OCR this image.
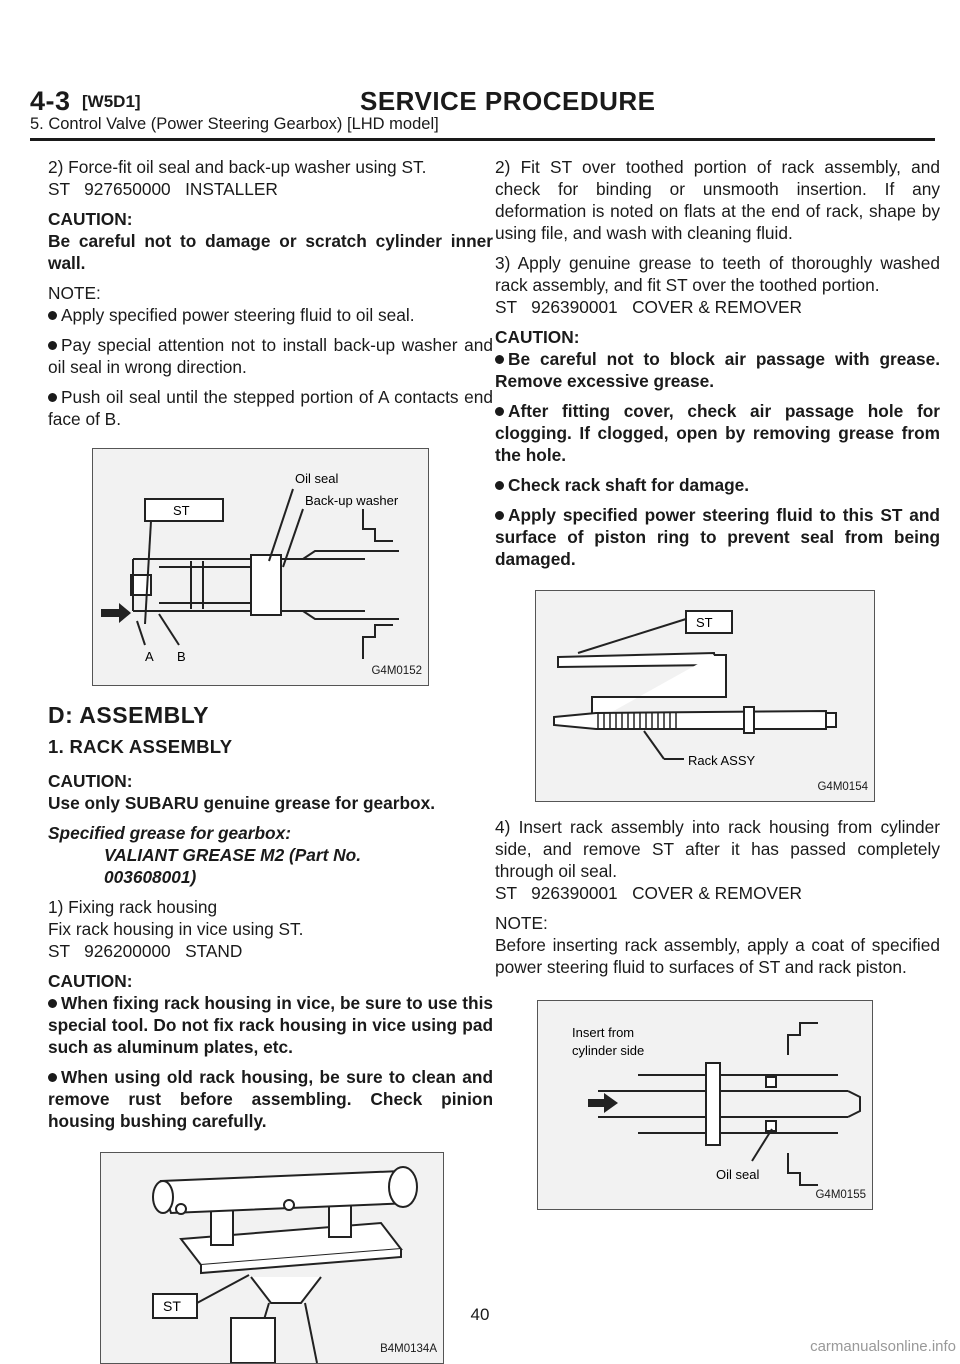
4-3 [W5D1]	SERVICE PROCEDURE
5. Control Valve (Power Steering Gearbox) [LHD model]

2) Force-fit oil seal and back-up washer using ST.
ST   927650000   INSTALLER

CAUTION:

Be careful not to damage or scratch cylinder inner wall.

NOTE:

Apply specified power steering fluid to oil seal.

Pay special attention not to install back-up washer and oil seal in wrong direction.

Push oil seal until the stepped portion of A contacts end face of B.

ST
Oil seal
Back-up washer
A B
G4M0152
D: ASSEMBLY
1. RACK ASSEMBLY

CAUTION:
Use only SUBARU genuine grease for gearbox.

Specified grease for gearbox:
VALIANT GREASE M2 (Part No.
003608001)

1) Fixing rack housing
Fix rack housing in vice using ST.
ST   926200000   STAND

CAUTION:

When fixing rack housing in vice, be sure to use this special tool. Do not fix rack housing in vice using pad such as aluminum plates, etc.

When using old rack housing, be sure to clean and remove rust before assembling. Check pinion housing bushing carefully.

ST
B4M0134A

2) Fit ST over toothed portion of rack assembly, and check for binding or unsmooth insertion. If any deformation is noted on flats at the end of rack, shape by using file, and wash with cleaning fluid.

3) Apply genuine grease to teeth of thoroughly washed rack assembly, and fit ST over the toothed portion.
ST   926390001   COVER & REMOVER

CAUTION:

Be careful not to block air passage with grease. Remove excessive grease.

After fitting cover, check air passage hole for clogging. If clogged, open by removing grease from the hole.

Check rack shaft for damage.

Apply specified power steering fluid to this ST and surface of piston ring to prevent seal from being damaged.

ST
Rack ASSY
G4M0154

4) Insert rack assembly into rack housing from cylinder side, and remove ST after it has passed completely through oil seal.
ST   926390001   COVER & REMOVER

NOTE:
Before inserting rack assembly, apply a coat of specified power steering fluid to surfaces of ST and rack piston.

Insert from
cylinder side
Oil seal
G4M0155
40
carmanualsonline.info
